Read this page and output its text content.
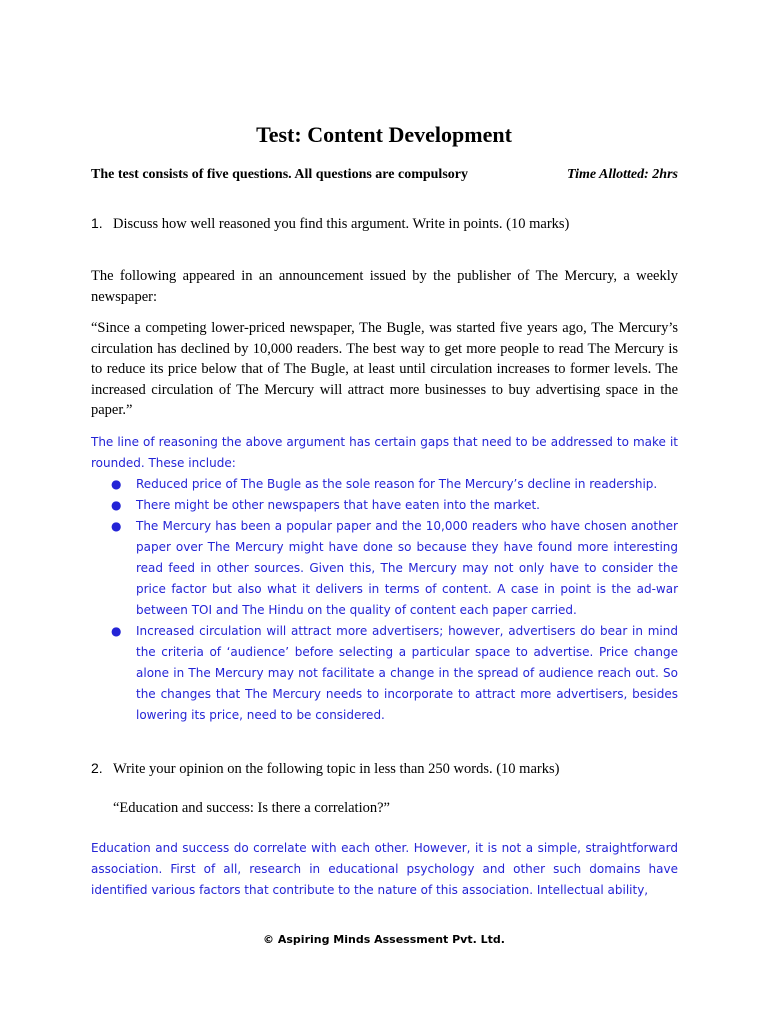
Test: Content Development
The test consists of five questions. All questions are compulsory	Time Allotted: 2hrs
1. Discuss how well reasoned you find this argument. Write in points. (10 marks)

The following appeared in an announcement issued by the publisher of The Mercury, a weekly newspaper:

“Since a competing lower-priced newspaper, The Bugle, was started five years ago, The Mercury’s circulation has declined by 10,000 readers. The best way to get more people to read The Mercury is to reduce its price below that of The Bugle, at least until circulation increases to former levels. The increased circulation of The Mercury will attract more businesses to buy advertising space in the paper.”

The line of reasoning the above argument has certain gaps that need to be addressed to make it rounded. These include:

● Reduced price of The Bugle as the sole reason for The Mercury’s decline in readership.
● There might be other newspapers that have eaten into the market.
● The Mercury has been a popular paper and the 10,000 readers who have chosen another paper over The Mercury might have done so because they have found more interesting read feed in other sources. Given this, The Mercury may not only have to consider the price factor but also what it delivers in terms of content. A case in point is the ad-war between TOI and The Hindu on the quality of content each paper carried.
● Increased circulation will attract more advertisers; however, advertisers do bear in mind the criteria of ‘audience’ before selecting a particular space to advertise. Price change alone in The Mercury may not facilitate a change in the spread of audience reach out. So the changes that The Mercury needs to incorporate to attract more advertisers, besides lowering its price, need to be considered.
2. Write your opinion on the following topic in less than 250 words. (10 marks)
“Education and success: Is there a correlation?”

Education and success do correlate with each other. However, it is not a simple, straightforward association. First of all, research in educational psychology and other such domains have identified various factors that contribute to the nature of this association. Intellectual ability,

© Aspiring Minds Assessment Pvt. Ltd.
